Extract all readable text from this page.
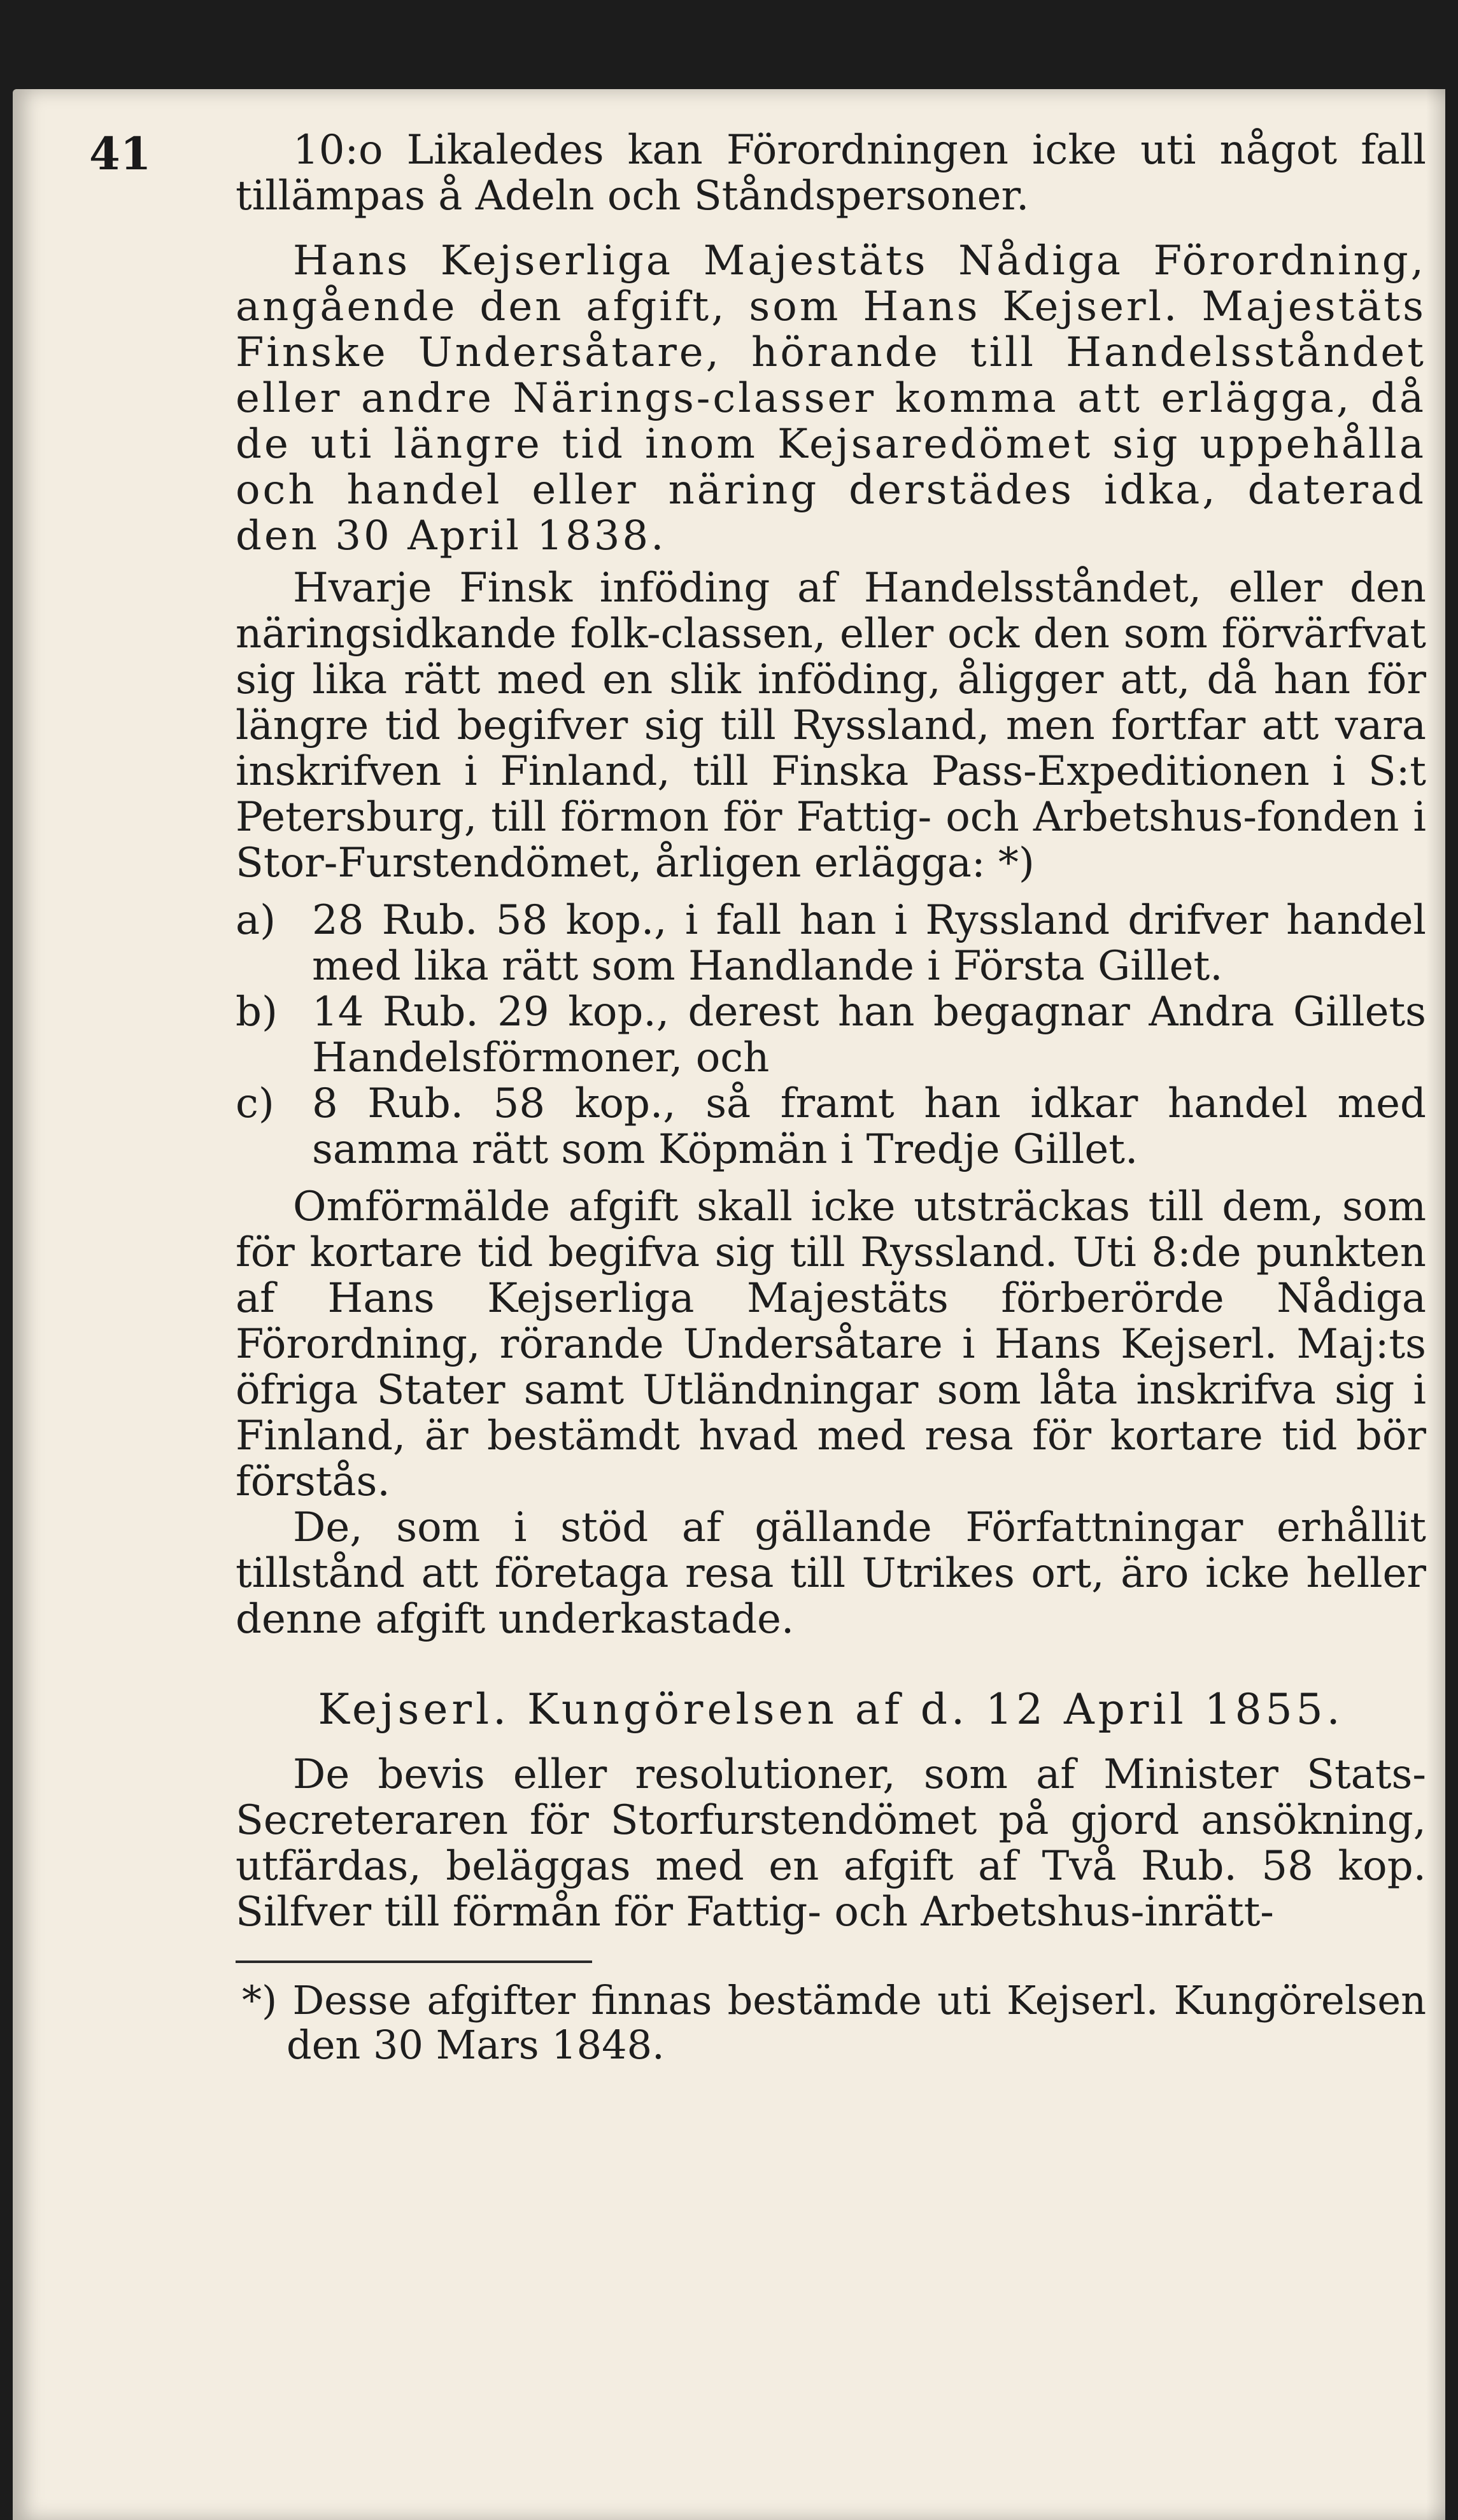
41	10:o Likaledes kan Förordningen icke uti något fall tillämpas å Adeln och Ståndspersoner.

Hans Kejserliga Majestäts Nådiga Förordning, angående den afgift, som Hans Kejserl. Majestäts Finske Undersåtare, hörande till Handelsståndet eller andre Närings-classer komma att erlägga, då de uti längre tid inom Kejsaredömet sig uppehålla och handel eller näring derstädes idka, daterad den 30 April 1838.

Hvarje Finsk inföding af Handelsståndet, eller den näringsidkande folk-classen, eller ock den som förvärfvat sig lika rätt med en slik inföding, åligger att, då han för längre tid begifver sig till Ryssland, men fortfar att vara inskrifven i Finland, till Finska Pass-Expeditionen i S:t Petersburg, till förmon för Fattig- och Arbetshus-fonden i Stor-Furstendömet, årligen erlägga: *)

a) 28 Rub. 58 kop., i fall han i Ryssland drifver handel med lika rätt som Handlande i Första Gillet.
b) 14 Rub. 29 kop., derest han begagnar Andra Gillets Handelsförmoner, och
c) 8 Rub. 58 kop., så framt han idkar handel med samma rätt som Köpmän i Tredje Gillet.

Omförmälde afgift skall icke utsträckas till dem, som för kortare tid begifva sig till Ryssland. Uti 8:de punkten af Hans Kejserliga Majestäts förberörde Nådiga Förordning, rörande Undersåtare i Hans Kejserl. Maj:ts öfriga Stater samt Utländningar som låta inskrifva sig i Finland, är bestämdt hvad med resa för kortare tid bör förstås.

De, som i stöd af gällande Författningar erhållit tillstånd att företaga resa till Utrikes ort, äro icke heller denne afgift underkastade.

Kejserl. Kungörelsen af d. 12 April 1855.

De bevis eller resolutioner, som af Minister Stats-Secreteraren för Storfurstendömet på gjord ansökning, utfärdas, beläggas med en afgift af Två Rub. 58 kop. Silfver till förmån för Fattig- och Arbetshus-inrätt-

*) Desse afgifter finnas bestämde uti Kejserl. Kungörelsen den 30 Mars 1848.
